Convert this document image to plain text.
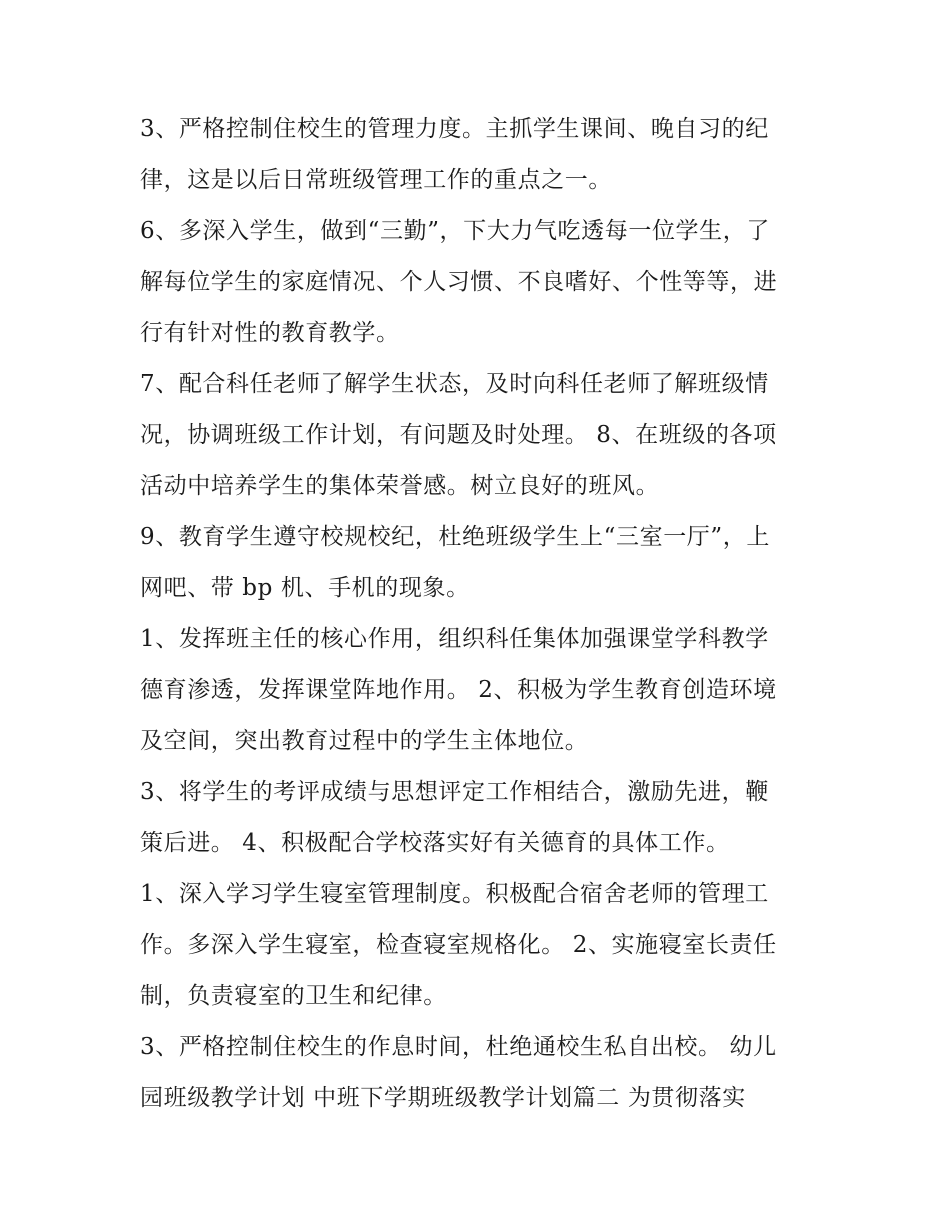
3、严格控制住校生的管理力度。主抓学生课间、晚自习的纪
律，这是以后日常班级管理工作的重点之一。
6、多深入学生，做到“三勤”，下大力气吃透每一位学生，了
解每位学生的家庭情况、个人习惯、不良嗜好、个性等等，进
行有针对性的教育教学。
7、配合科任老师了解学生状态，及时向科任老师了解班级情
况，协调班级工作计划，有问题及时处理。 8、在班级的各项
活动中培养学生的集体荣誉感。树立良好的班风。
9、教育学生遵守校规校纪，杜绝班级学生上“三室一厅”，上
网吧、带 bp 机、手机的现象。
1、发挥班主任的核心作用，组织科任集体加强课堂学科教学
德育渗透，发挥课堂阵地作用。 2、积极为学生教育创造环境
及空间，突出教育过程中的学生主体地位。
3、将学生的考评成绩与思想评定工作相结合，激励先进，鞭
策后进。 4、积极配合学校落实好有关德育的具体工作。
1、深入学习学生寝室管理制度。积极配合宿舍老师的管理工
作。多深入学生寝室，检查寝室规格化。 2、实施寝室长责任
制，负责寝室的卫生和纪律。
3、严格控制住校生的作息时间，杜绝通校生私自出校。 幼儿
园班级教学计划 中班下学期班级教学计划篇二 为贯彻落实
